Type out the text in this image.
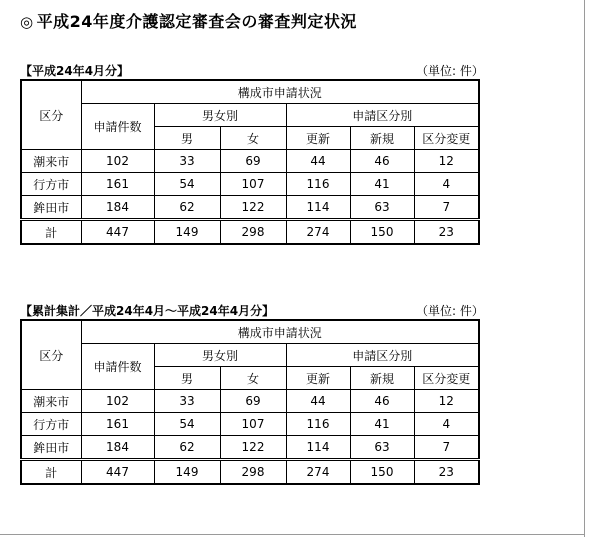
◎ 平成24年度介護認定審査会の審査判定状況
【平成24年4月分】	（単位: 件）
区分	構成市申請状況					
	申請件数	男女別		申請区分別		
		男	女	更新	新規	区分変更
潮来市	102	33	69	44	46	12
行方市	161	54	107	116	41	4
鉾田市	184	62	122	114	63	7
計	447	149	298	274	150	23
【累計集計／平成24年4月～平成24年4月分】	（単位: 件）
区分	構成市申請状況					
	申請件数	男女別		申請区分別		
		男	女	更新	新規	区分変更
潮来市	102	33	69	44	46	12
行方市	161	54	107	116	41	4
鉾田市	184	62	122	114	63	7
計	447	149	298	274	150	23
